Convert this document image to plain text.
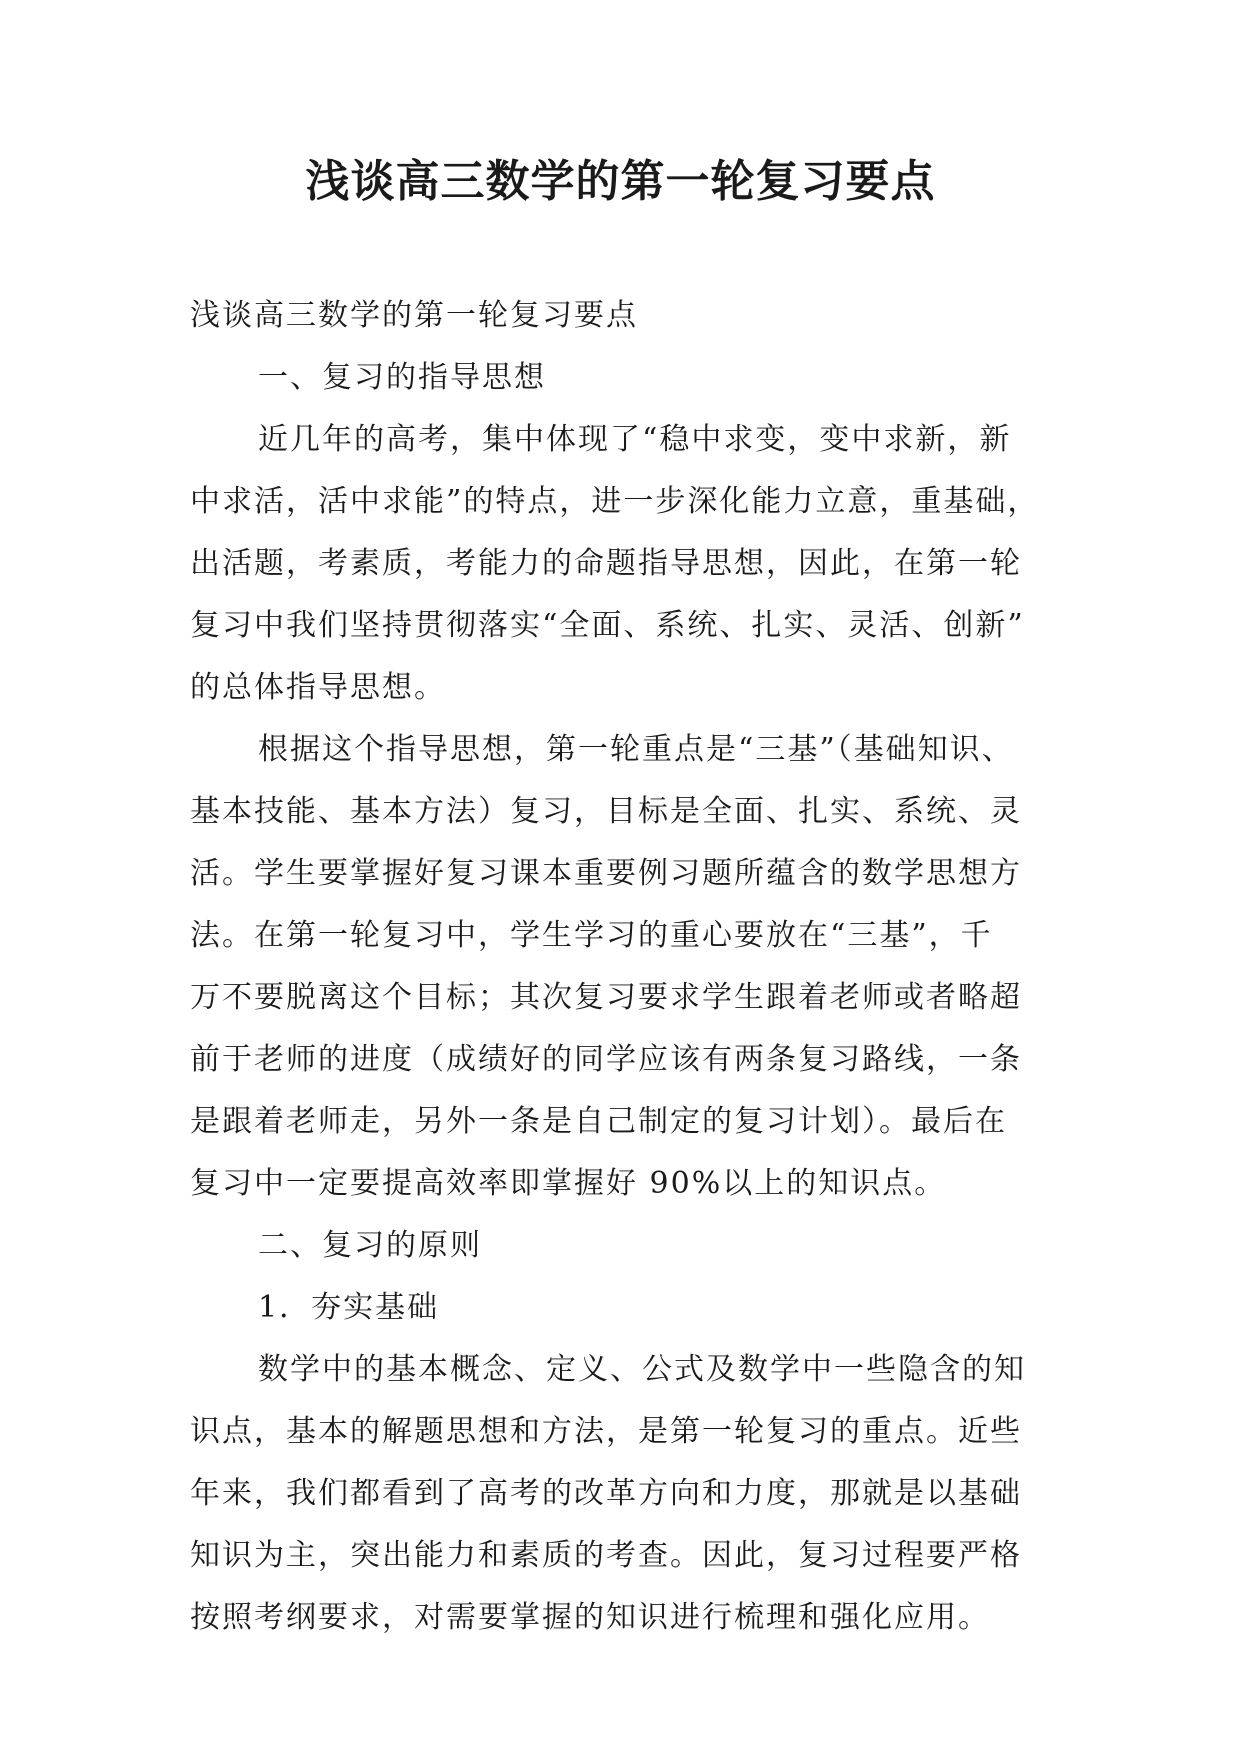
浅谈高三数学的第一轮复习要点

浅谈高三数学的第一轮复习要点

一、复习的指导思想

近几年的高考，集中体现了“稳中求变，变中求新，新

中求活，活中求能”的特点，进一步深化能力立意，重基础，

出活题，考素质，考能力的命题指导思想，因此，在第一轮

复习中我们坚持贯彻落实“全面、系统、扎实、灵活、创新”

的总体指导思想。

根据这个指导思想，第一轮重点是“三基”（基础知识、

基本技能、基本方法）复习，目标是全面、扎实、系统、灵

活。学生要掌握好复习课本重要例习题所蕴含的数学思想方

法。在第一轮复习中，学生学习的重心要放在“三基”，千

万不要脱离这个目标；其次复习要求学生跟着老师或者略超

前于老师的进度（成绩好的同学应该有两条复习路线，一条

是跟着老师走，另外一条是自己制定的复习计划）。最后在

复习中一定要提高效率即掌握好 90%以上的知识点。

二、复习的原则

1．夯实基础

数学中的基本概念、定义、公式及数学中一些隐含的知

识点，基本的解题思想和方法，是第一轮复习的重点。近些

年来，我们都看到了高考的改革方向和力度，那就是以基础

知识为主，突出能力和素质的考查。因此，复习过程要严格

按照考纲要求，对需要掌握的知识进行梳理和强化应用。
